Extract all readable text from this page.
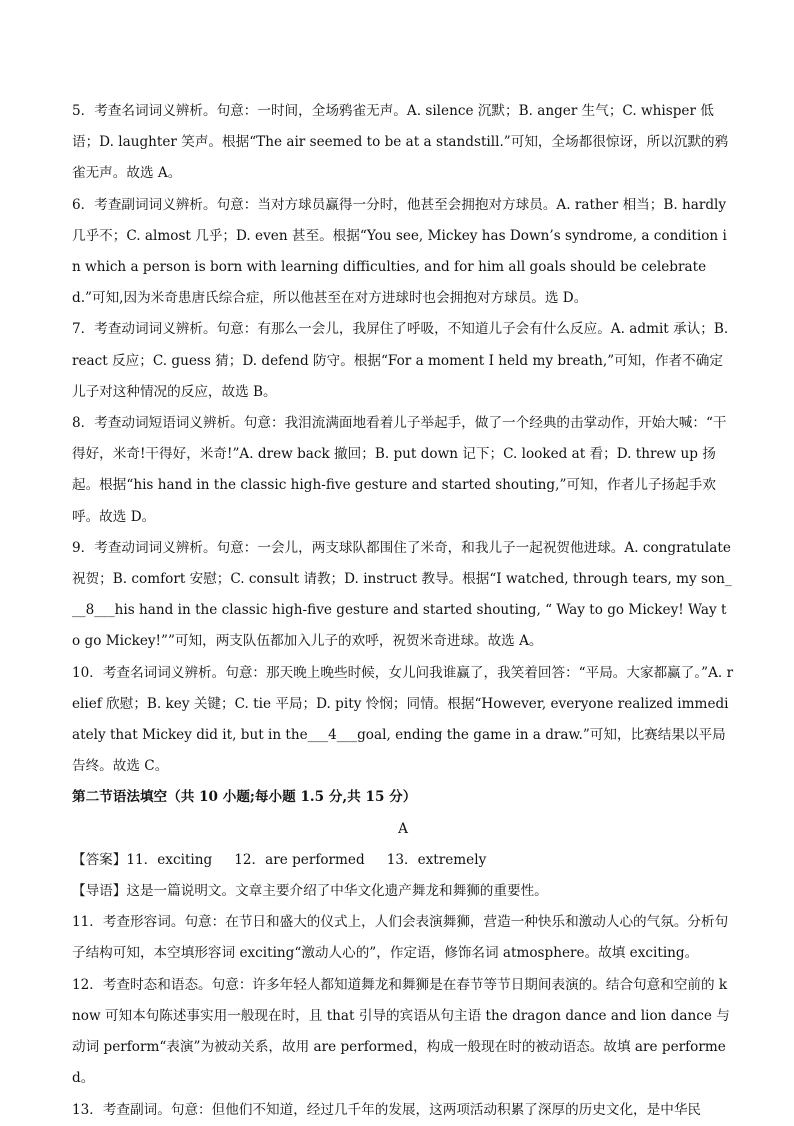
5．考查名词词义辨析。句意：一时间，全场鸦雀无声。A. silence 沉默；B. anger 生气；C. whisper 低语；D. laughter 笑声。根据“The air seemed to be at a standstill.”可知，全场都很惊讶，所以沉默的鸦雀无声。故选 A。

6．考查副词词义辨析。句意：当对方球员赢得一分时，他甚至会拥抱对方球员。A. rather 相当；B. hardly 几乎不；C. almost 几乎；D. even 甚至。根据“You see, Mickey has Down’s syndrome, a condition in which a person is born with learning difficulties, and for him all goals should be celebrated.”可知,因为米奇患唐氏综合症，所以他甚至在对方进球时也会拥抱对方球员。选 D。

7．考查动词词义辨析。句意：有那么一会儿，我屏住了呼吸，不知道儿子会有什么反应。A. admit 承认；B. react 反应；C. guess 猜；D. defend 防守。根据“For a moment I held my breath,”可知，作者不确定儿子对这种情况的反应，故选 B。

8．考查动词短语词义辨析。句意：我泪流满面地看着儿子举起手，做了一个经典的击掌动作，开始大喊：“干得好，米奇!干得好，米奇!”A. drew back 撤回；B. put down 记下；C. looked at 看；D. threw up 扬起。根据“his hand in the classic high-five gesture and started shouting,”可知，作者儿子扬起手欢呼。故选 D。

9．考查动词词义辨析。句意：一会儿，两支球队都围住了米奇，和我儿子一起祝贺他进球。A. congratulate 祝贺；B. comfort 安慰；C. consult 请教；D. instruct 教导。根据“I watched, through tears, my son___8___his hand in the classic high-five gesture and started shouting, “ Way to go Mickey! Way to go Mickey!””可知，两支队伍都加入儿子的欢呼，祝贺米奇进球。故选 A。

10．考查名词词义辨析。句意：那天晚上晚些时候，女儿问我谁赢了，我笑着回答：“平局。大家都赢了。”A. relief 欣慰；B. key 关键；C. tie 平局；D. pity 怜悯；同情。根据“However, everyone realized immediately that Mickey did it, but in the___4___goal, ending the game in a draw.”可知，比赛结果以平局告终。故选 C。

第二节语法填空（共 10 小题;每小题 1.5 分,共 15 分）

A

【答案】11．exciting 12．are performed 13．extremely

【导语】这是一篇说明文。文章主要介绍了中华文化遗产舞龙和舞狮的重要性。

11．考查形容词。句意：在节日和盛大的仪式上，人们会表演舞狮，营造一种快乐和激动人心的气氛。分析句子结构可知，本空填形容词 exciting“激动人心的”，作定语，修饰名词 atmosphere。故填 exciting。

12．考查时态和语态。句意：许多年轻人都知道舞龙和舞狮是在春节等节日期间表演的。结合句意和空前的 know 可知本句陈述事实用一般现在时，且 that 引导的宾语从句主语 the dragon dance and lion dance 与动词 perform“表演”为被动关系，故用 are performed，构成一般现在时的被动语态。故填 are performed。

13．考查副词。句意：但他们不知道，经过几千年的发展，这两项活动积累了深厚的历史文化，是中华民
